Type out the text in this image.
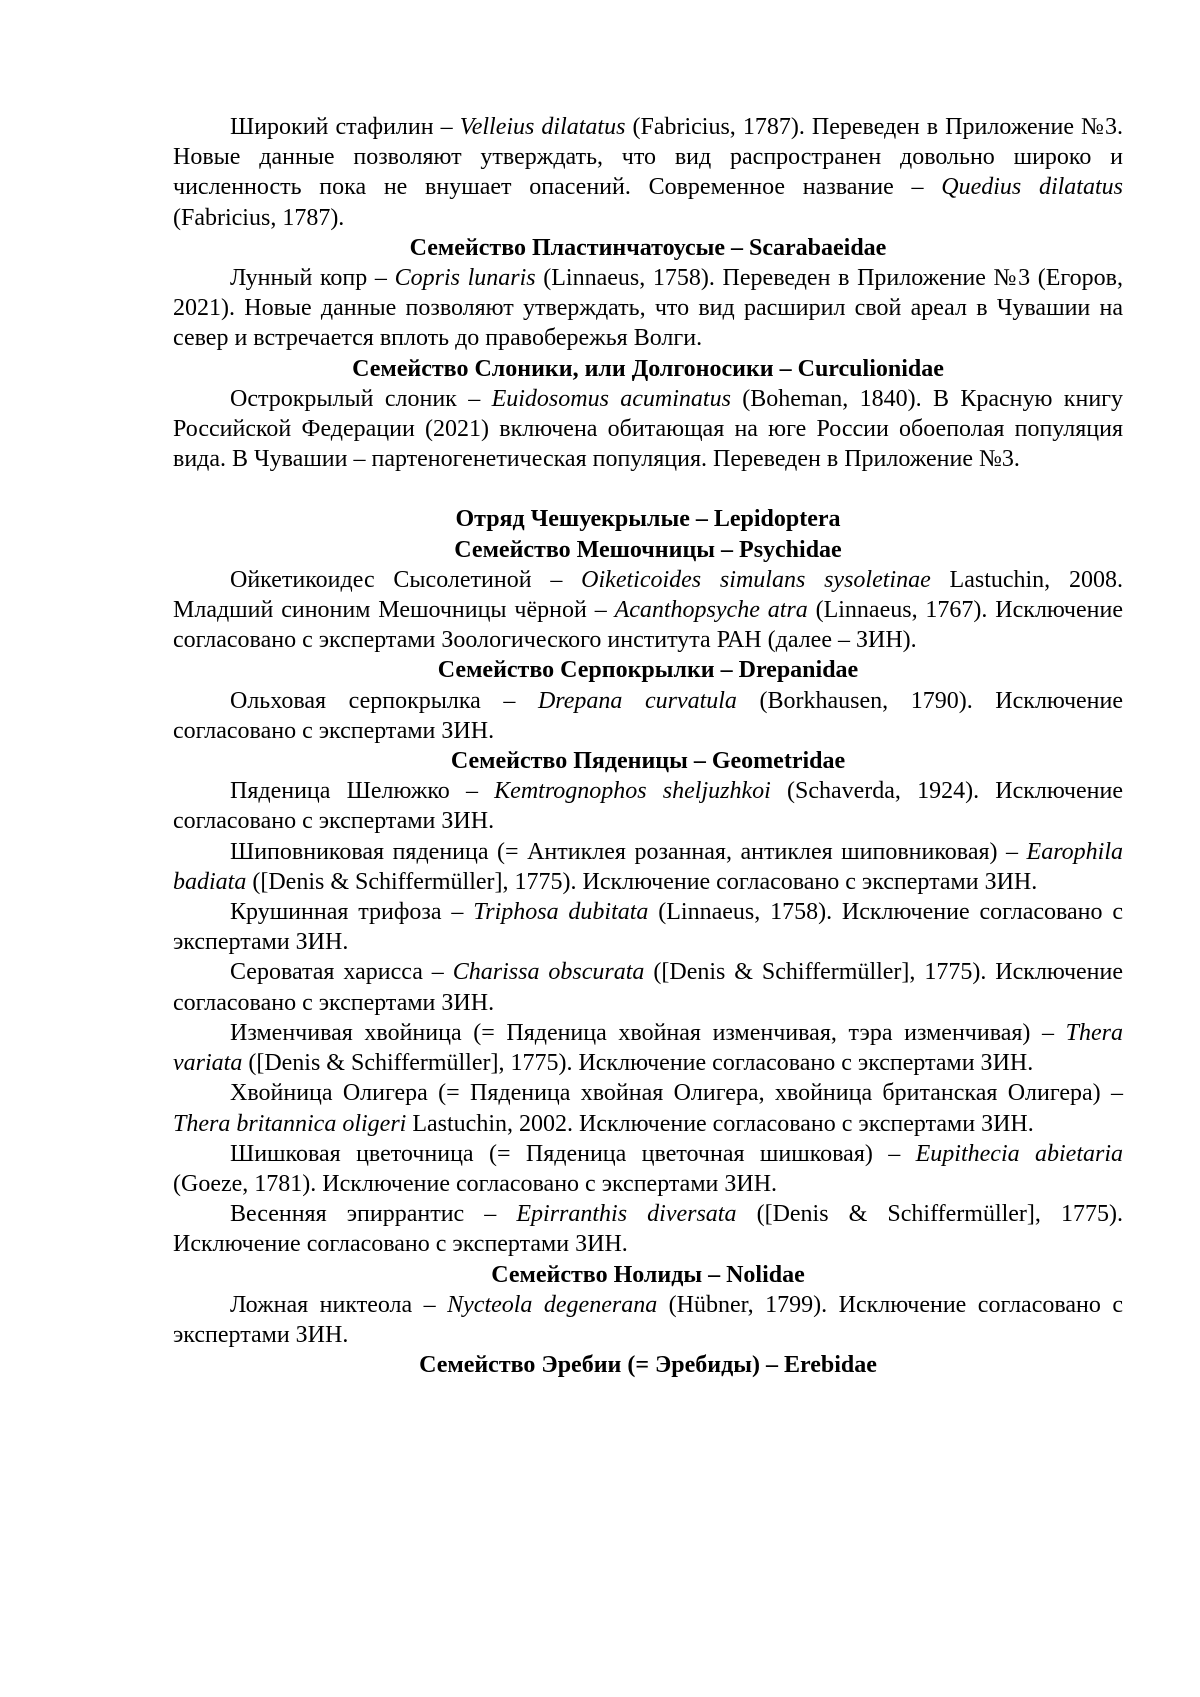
Широкий стафилин – Velleius dilatatus (Fabricius, 1787). Переведен в Приложение №3. Новые данные позволяют утверждать, что вид распространен довольно широко и численность пока не внушает опасений. Современное название – Quedius dilatatus (Fabricius, 1787).

Семейство Пластинчатоусые – Scarabaeidae

Лунный копр – Copris lunaris (Linnaeus, 1758). Переведен в Приложение №3 (Егоров, 2021). Новые данные позволяют утверждать, что вид расширил свой ареал в Чувашии на север и встречается вплоть до правобережья Волги.

Семейство Слоники, или Долгоносики – Curculionidae

Острокрылый слоник – Euidosomus acuminatus (Boheman, 1840). В Красную книгу Российской Федерации (2021) включена обитающая на юге России обоеполая популяция вида. В Чувашии – партеногенетическая популяция. Переведен в Приложение №3.

Отряд Чешуекрылые – Lepidoptera
Семейство Мешочницы – Psychidae

Ойкетикоидес Сысолетиной – Oiketicoides simulans sysoletinae Lastuchin, 2008. Младший синоним Мешочницы чёрной – Acanthopsyche atra (Linnaeus, 1767). Исключение согласовано с экспертами Зоологического института РАН (далее – ЗИН).

Семейство Серпокрылки – Drepanidae

Ольховая серпокрылка – Drepana curvatula (Borkhausen, 1790). Исключение согласовано с экспертами ЗИН.

Семейство Пяденицы – Geometridae

Пяденица Шелюжко – Kemtrognophos sheljuzhkoi (Schaverda, 1924). Исключение согласовано с экспертами ЗИН.

Шиповниковая пяденица (= Антиклея розанная, антиклея шиповниковая) – Earophila badiata ([Denis & Schiffermüller], 1775). Исключение согласовано с экспертами ЗИН.

Крушинная трифоза – Triphosa dubitata (Linnaeus, 1758). Исключение согласовано с экспертами ЗИН.

Сероватая харисса – Charissa obscurata ([Denis & Schiffermüller], 1775). Исключение согласовано с экспертами ЗИН.

Изменчивая хвойница (= Пяденица хвойная изменчивая, тэра изменчивая) – Thera variata ([Denis & Schiffermüller], 1775). Исключение согласовано с экспертами ЗИН.

Хвойница Олигера (= Пяденица хвойная Олигера, хвойница британская Олигера) – Thera britannica oligeri Lastuchin, 2002. Исключение согласовано с экспертами ЗИН.

Шишковая цветочница (= Пяденица цветочная шишковая) – Eupithecia abietaria (Goeze, 1781). Исключение согласовано с экспертами ЗИН.

Весенняя эпиррантис – Epirranthis diversata ([Denis & Schiffermüller], 1775). Исключение согласовано с экспертами ЗИН.

Семейство Нолиды – Nolidae

Ложная никтеола – Nycteola degenerana (Hübner, 1799). Исключение согласовано с экспертами ЗИН.

Семейство Эребии (= Эребиды) – Erebidae
